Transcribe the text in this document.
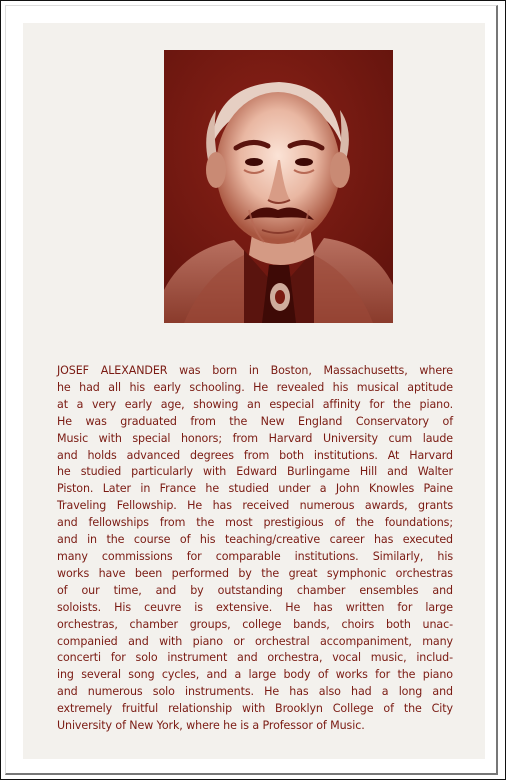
JOSEF ALEXANDER was born in Boston, Massachusetts, where
he had all his early schooling. He revealed his musical aptitude
at a very early age, showing an especial affinity for the piano.
He was graduated from the New England Conservatory of
Music with special honors; from Harvard University cum laude
and holds advanced degrees from both institutions. At Harvard
he studied particularly with Edward Burlingame Hill and Walter
Piston. Later in France he studied under a John Knowles Paine
Traveling Fellowship. He has received numerous awards, grants
and fellowships from the most prestigious of the foundations;
and in the course of his teaching/creative career has executed
many commissions for comparable institutions. Similarly, his
works have been performed by the great symphonic orchestras
of our time, and by outstanding chamber ensembles and
soloists. His ceuvre is extensive. He has written for large
orchestras, chamber groups, college bands, choirs both unac-
companied and with piano or orchestral accompaniment, many
concerti for solo instrument and orchestra, vocal music, includ-
ing several song cycles, and a large body of works for the piano
and numerous solo instruments. He has also had a long and
extremely fruitful relationship with Brooklyn College of the City
University of New York, where he is a Professor of Music.
